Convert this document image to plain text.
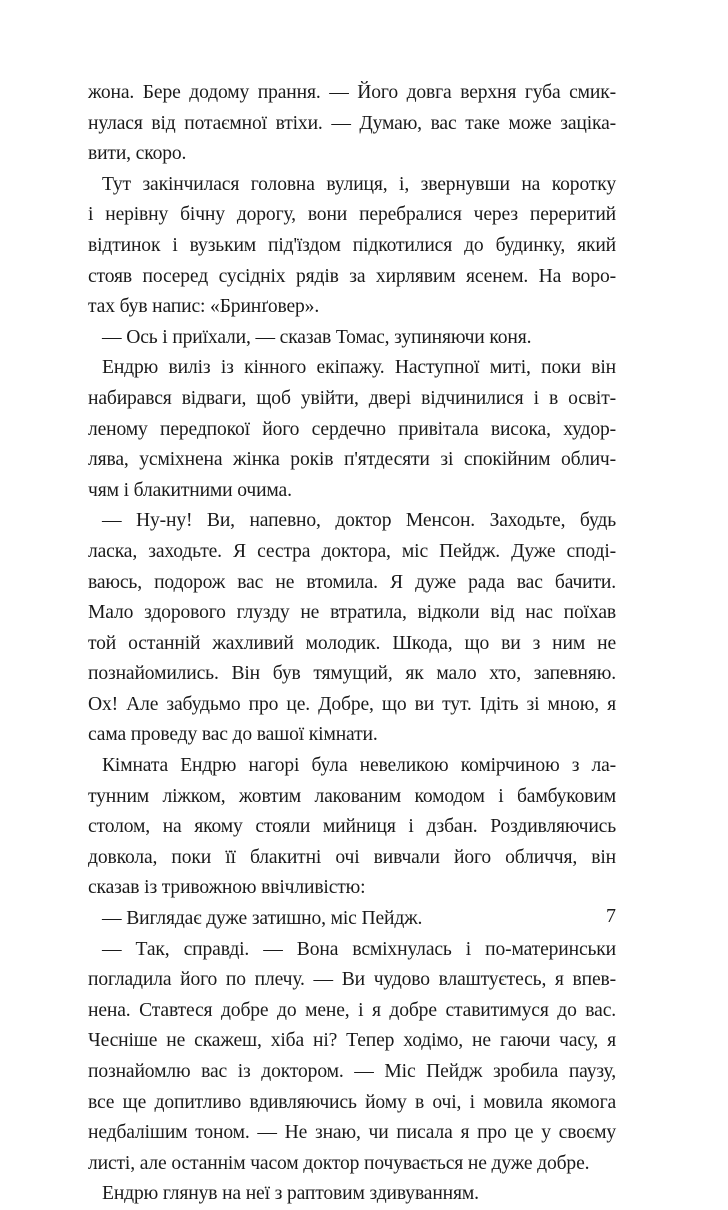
жона. Бере додому прання. — Його довга верхня губа смик-
нулася від потаємної втіхи. — Думаю, вас таке може заціка-
вити, скоро.

Тут закінчилася головна вулиця, і, звернувши на коротку
і нерівну бічну дорогу, вони перебралися через переритий
відтинок і вузьким під'їздом підкотилися до будинку, який
стояв посеред сусідніх рядів за хирлявим ясенем. На воро-
тах був напис: «Бринґовер».

— Ось і приїхали, — сказав Томас, зупиняючи коня.

Ендрю виліз із кінного екіпажу. Наступної миті, поки він
набирався відваги, щоб увійти, двері відчинилися і в освіт-
леному передпокої його сердечно привітала висока, худор-
лява, усміхнена жінка років п'ятдесяти зі спокійним облич-
чям і блакитними очима.

— Ну-ну! Ви, напевно, доктор Менсон. Заходьте, будь
ласка, заходьте. Я сестра доктора, міс Пейдж. Дуже споді-
ваюсь, подорож вас не втомила. Я дуже рада вас бачити.
Мало здорового глузду не втратила, відколи від нас поїхав
той останній жахливий молодик. Шкода, що ви з ним не
познайомились. Він був тямущий, як мало хто, запевняю.
Ох! Але забудьмо про це. Добре, що ви тут. Ідіть зі мною, я
сама проведу вас до вашої кімнати.

Кімната Ендрю нагорі була невеликою комірчиною з ла-
тунним ліжком, жовтим лакованим комодом і бамбуковим
столом, на якому стояли мийниця і дзбан. Роздивляючись
довкола, поки її блакитні очі вивчали його обличчя, він
сказав із тривожною ввічливістю:

— Виглядає дуже затишно, міс Пейдж.

— Так, справді. — Вона всміхнулась і по-материнськи
погладила його по плечу. — Ви чудово влаштуєтесь, я впев-
нена. Ставтеся добре до мене, і я добре ставитимуся до вас.
Чесніше не скажеш, хіба ні? Тепер ходімо, не гаючи часу, я
познайомлю вас із доктором. — Міс Пейдж зробила паузу,
все ще допитливо вдивляючись йому в очі, і мовила якомога
недбалішим тоном. — Не знаю, чи писала я про це у своєму
листі, але останнім часом доктор почувається не дуже добре.

Ендрю глянув на неї з раптовим здивуванням.

7
